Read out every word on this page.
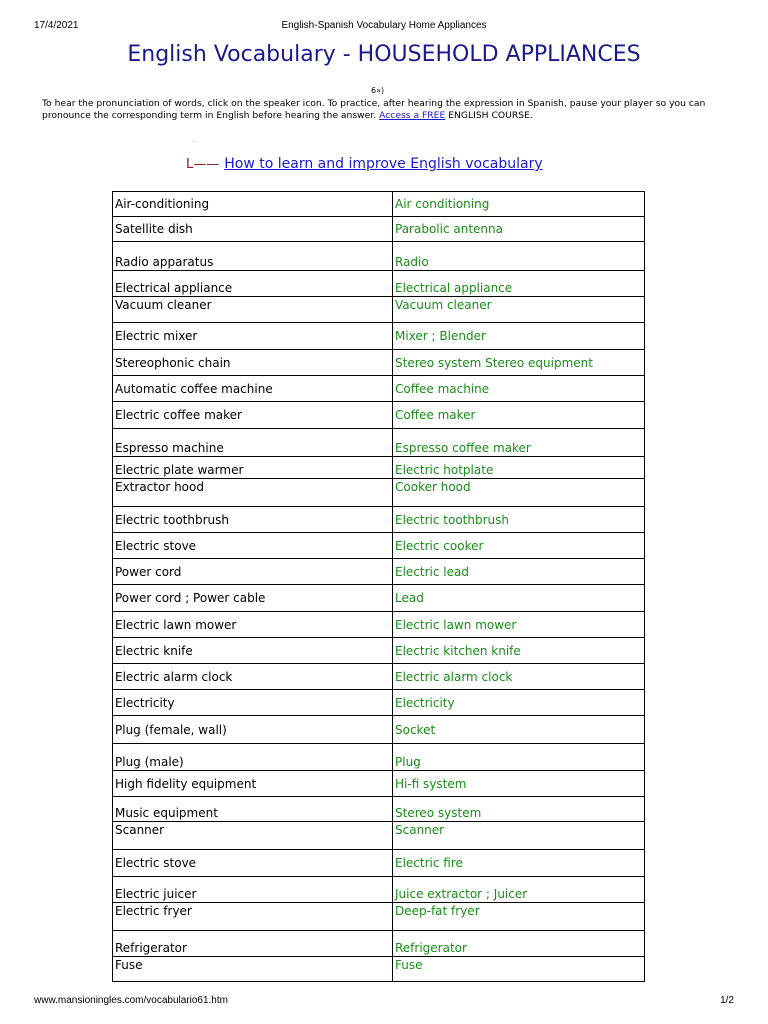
17/4/2021	English-Spanish Vocabulary Home Appliances
English Vocabulary - HOUSEHOLD APPLIANCES
6»)
To hear the pronunciation of words, click on the speaker icon. To practice, after hearing the expression in Spanish, pause your player so you can pronounce the corresponding term in English before hearing the answer. Access a FREE ENGLISH COURSE.
...
L—— How to learn and improve English vocabulary
Air-conditioning	Air conditioning
Satellite dish	Parabolic antenna
Radio apparatus	Radio
Electrical appliance	Electrical appliance
Vacuum cleaner	Vacuum cleaner
Electric mixer	Mixer ; Blender
Stereophonic chain	Stereo system Stereo equipment
Automatic coffee machine	Coffee machine
Electric coffee maker	Coffee maker
Espresso machine	Espresso coffee maker
Electric plate warmer	Electric hotplate
Extractor hood	Cooker hood
Electric toothbrush	Electric toothbrush
Electric stove	Electric cooker
Power cord	Electric lead
Power cord ; Power cable	Lead
Electric lawn mower	Electric lawn mower
Electric knife	Electric kitchen knife
Electric alarm clock	Electric alarm clock
Electricity	Electricity
Plug (female, wall)	Socket
Plug (male)	Plug
High fidelity equipment	Hi-fi system
Music equipment	Stereo system
Scanner	Scanner
Electric stove	Electric fire
Electric juicer	Juice extractor ; Juicer
Electric fryer	Deep-fat fryer
Refrigerator	Refrigerator
Fuse	Fuse
www.mansioningles.com/vocabulario61.htm	1/2
